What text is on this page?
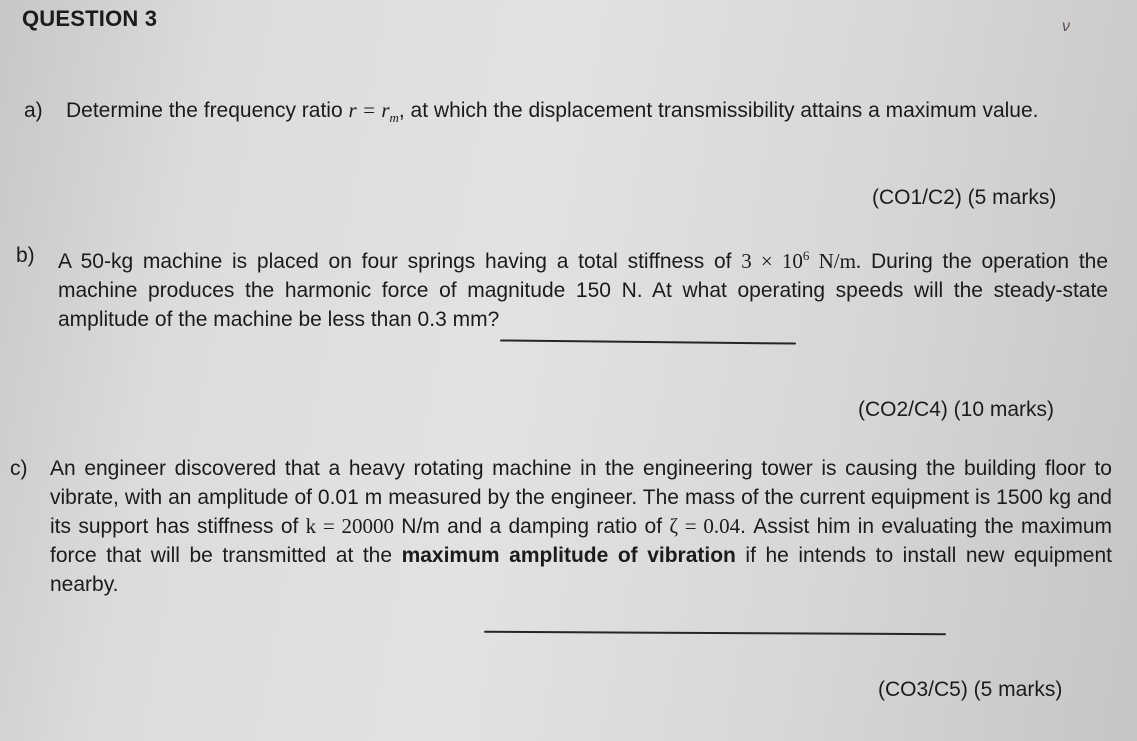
QUESTION 3	ν
a) Determine the frequency ratio $r = r_m$, at which the displacement transmissibility attains a maximum value.
(CO1/C2) (5 marks)
b) A 50-kg machine is placed on four springs having a total stiffness of $3 \times 10^6$ N/m. During the operation the machine produces the harmonic force of magnitude 150 N. At what operating speeds will the steady-state amplitude of the machine be less than 0.3 mm?
(CO2/C4) (10 marks)
c) An engineer discovered that a heavy rotating machine in the engineering tower is causing the building floor to vibrate, with an amplitude of 0.01 m measured by the engineer. The mass of the current equipment is 1500 kg and its support has stiffness of k = 20000 N/m and a damping ratio of ζ = 0.04. Assist him in evaluating the maximum force that will be transmitted at the maximum amplitude of vibration if he intends to install new equipment nearby.
(CO3/C5) (5 marks)
